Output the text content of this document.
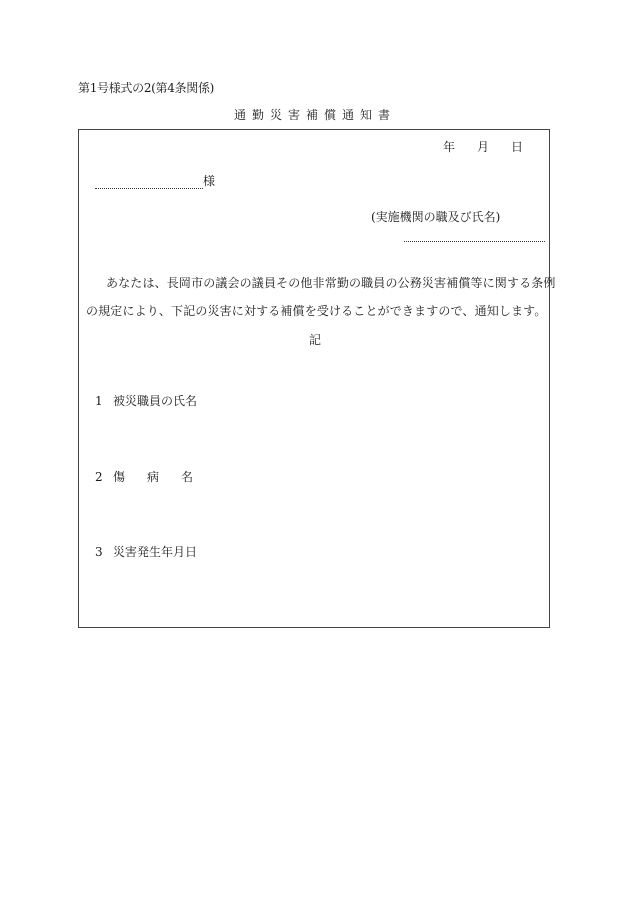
第1号様式の2(第4条関係)
通勤災害補償通知書
年 月 日
様
(実施機関の職及び氏名)
あなたは、長岡市の議会の議員その他非常勤の職員の公務災害補償等に関する条例
の規定により、下記の災害に対する補償を受けることができますので、通知します。
記
1 被災職員の氏名
2 傷病名
3 災害発生年月日
